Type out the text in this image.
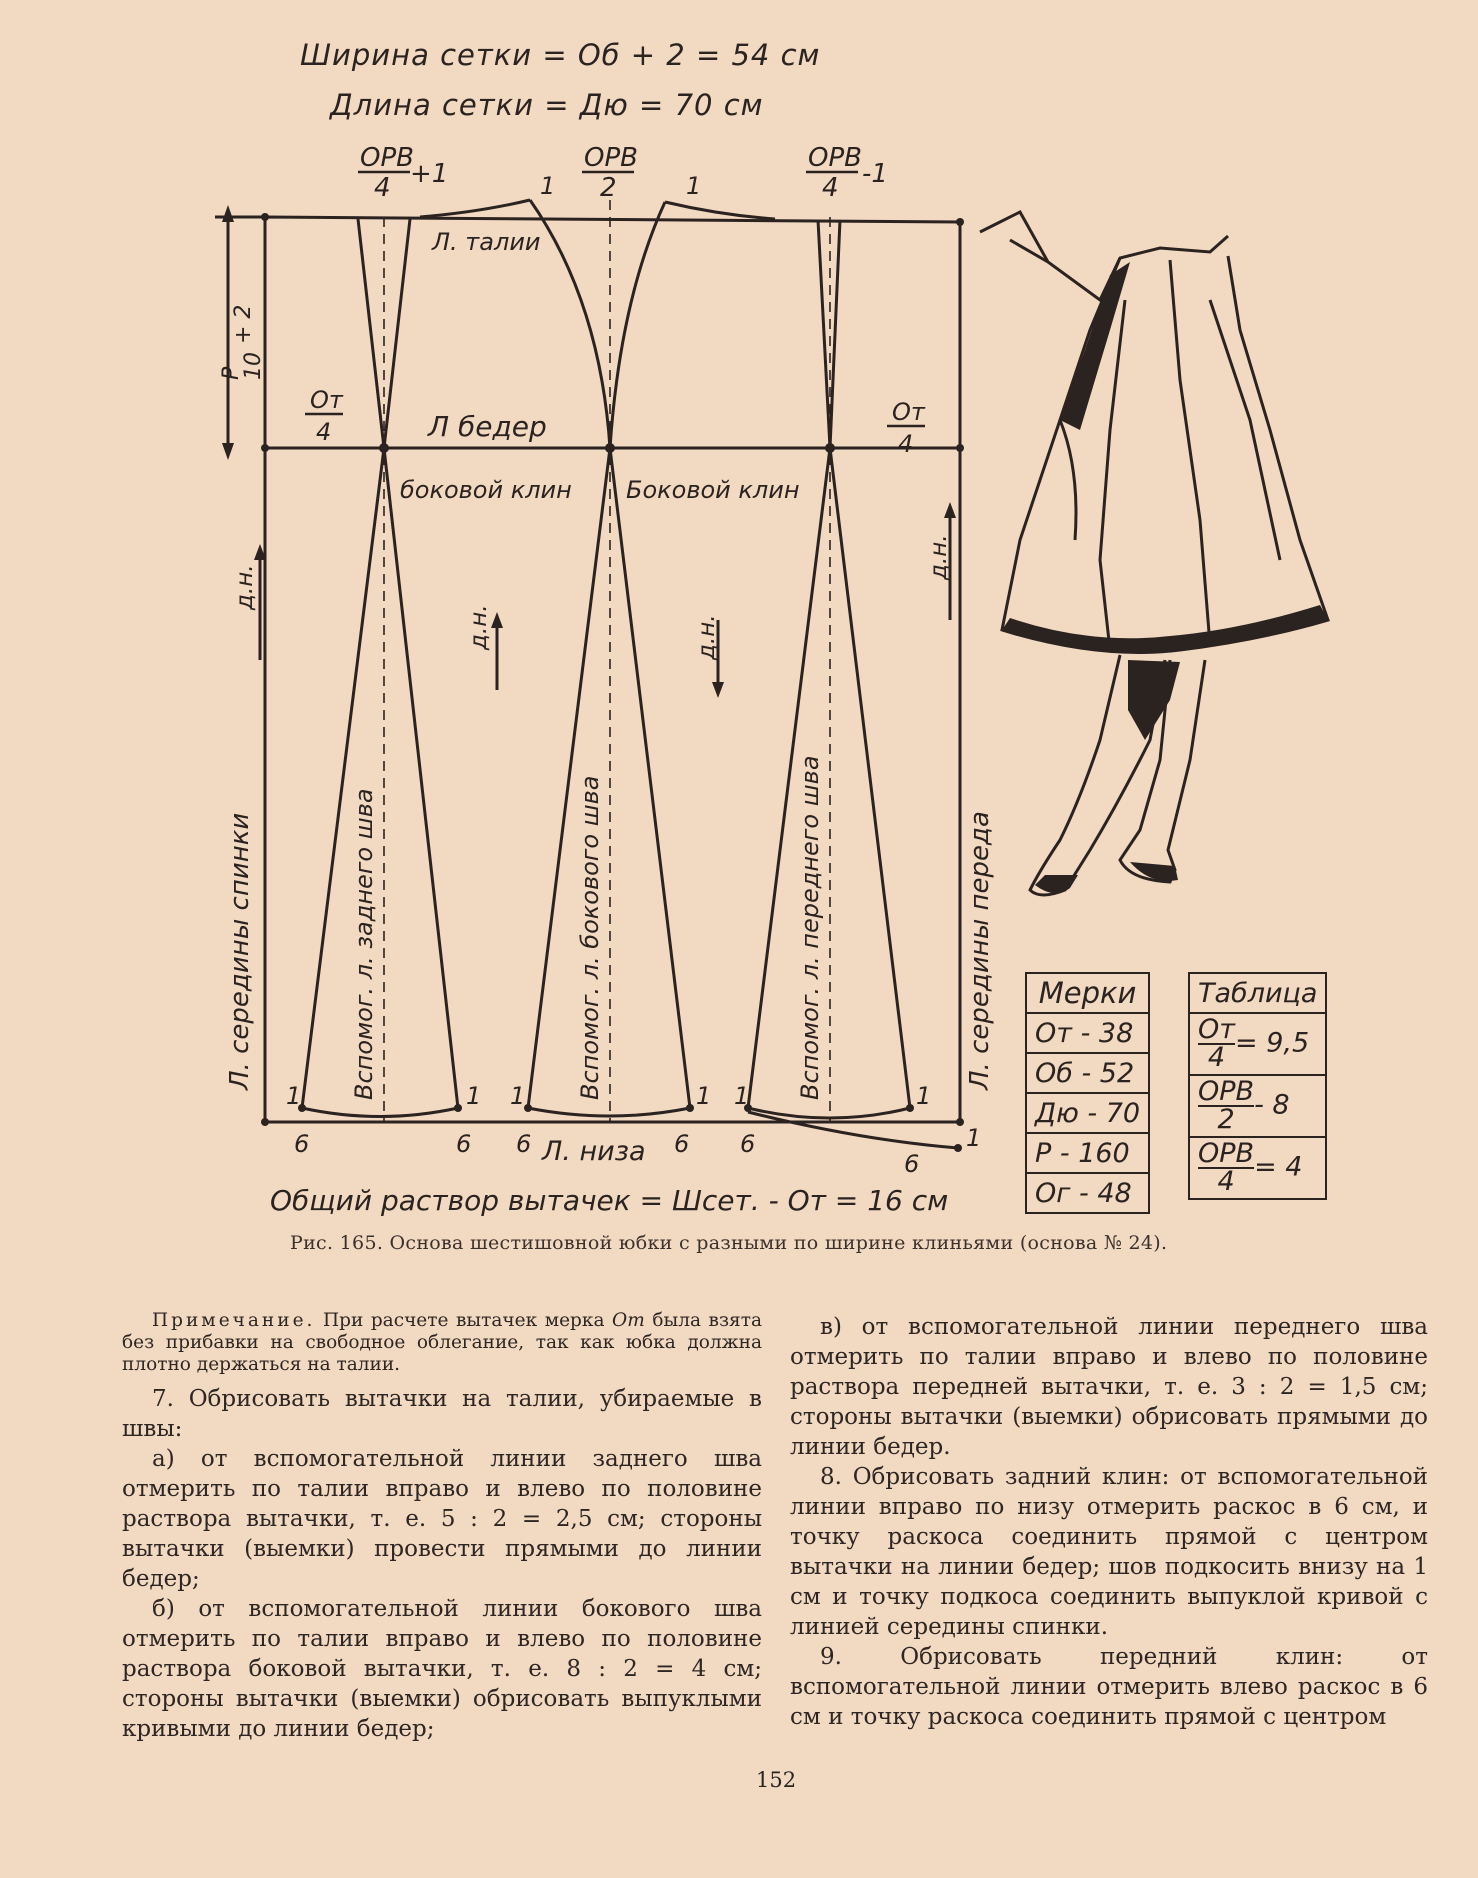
Ширина сетки = Об + 2 = 54 см
Длина сетки = Дю = 70 см
ОРВ
4 +1
ОРВ
2
ОРВ
4 -1
1	1
Л. талии
Л бедер
боковой клин Боковой клин
От
4
От
4
1	1 1	1 1	1
1
6	6 6	6 6
6
Л. низа
Р
10
+ 2
д.н.
д.н.	д.н.
д.н.
Л. середины спинки	Л. середины переда
Вспомог. л. заднего шва	Вспомог. л. бокового шва	Вспомог. л. переднего шва
Общий раствор вытачек = Шсет. - От = 16 см
Мерки
От - 38
Об - 52
Дю - 70
Р - 160
Ог - 48
Таблица

От
4 = 9,5

ОРВ
2 - 8

ОРВ
4 = 4
Рис. 165. Основа шестишовной юбки с разными по ширине клиньями (основа № 24).

Примечание. При расчете вытачек мерка От была взята без прибавки на свободное облегание, так как юбка должна плотно держаться на талии.

7. Обрисовать вытачки на талии, убираемые в швы:

а) от вспомогательной линии заднего шва отмерить по талии вправо и влево по половине раствора вытачки, т. е. 5 : 2 = 2,5 см; стороны вытачки (выемки) провести прямыми до линии бедер;

б) от вспомогательной линии бокового шва отмерить по талии вправо и влево по половине раствора боковой вытачки, т. е. 8 : 2 = 4 см; стороны вытачки (выемки) обрисовать выпуклыми кривыми до линии бедер;

в) от вспомогательной линии переднего шва отмерить по талии вправо и влево по половине раствора передней вытачки, т. е. 3 : 2 = 1,5 см; стороны вытачки (выемки) обрисовать прямыми до линии бедер.

8. Обрисовать задний клин: от вспомогательной линии вправо по низу отмерить раскос в 6 см, и точку раскоса соединить прямой с центром вытачки на линии бедер; шов подкосить внизу на 1 см и точку подкоса соединить выпуклой кривой с линией середины спинки.

9. Обрисовать передний клин: от вспомогательной линии отмерить влево раскос в 6 см и точку раскоса соединить прямой с центром

152
